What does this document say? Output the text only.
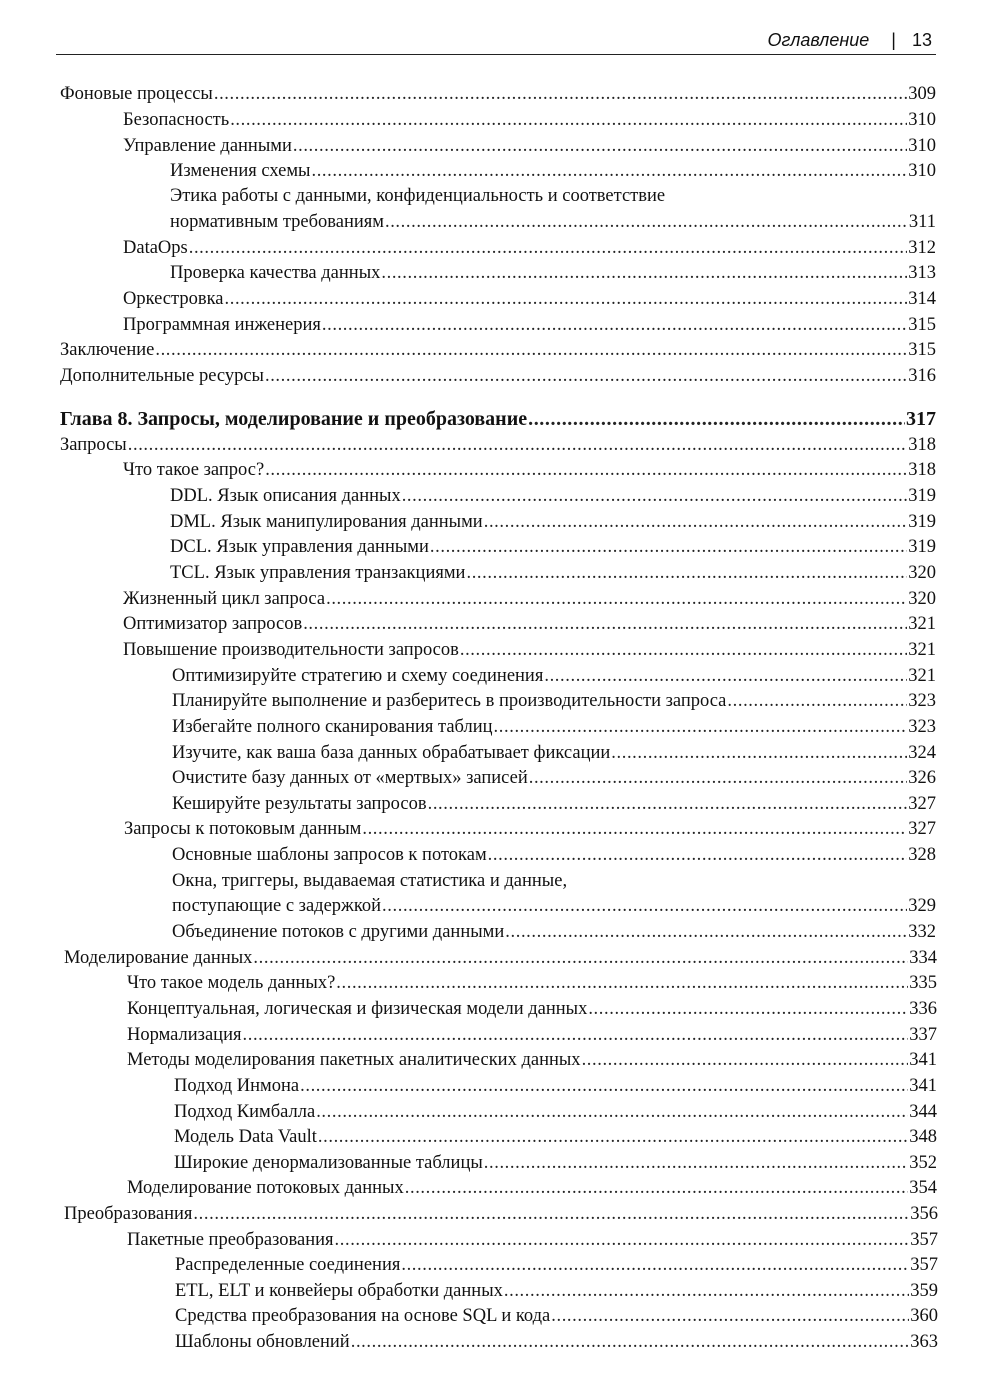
Оглавление | 13
Фоновые процессы .....	309
Безопасность .....	310
Управление данными .....	310
Изменения схемы .....	310
Этика работы с данными, конфиденциальность и соответствие
нормативным требованиям .....	311
DataOps .....	312
Проверка качества данных .....	313
Оркестровка .....	314
Программная инженерия .....	315
Заключение .....	315
Дополнительные ресурсы .....	316
Глава 8. Запросы, моделирование и преобразование .....	317
Запросы .....	318
Что такое запрос? .....	318
DDL. Язык описания данных .....	319
DML. Язык манипулирования данными .....	319
DCL. Язык управления данными .....	319
TCL. Язык управления транзакциями .....	320
Жизненный цикл запроса .....	320
Оптимизатор запросов .....	321
Повышение производительности запросов .....	321
Оптимизируйте стратегию и схему соединения .....	321
Планируйте выполнение и разберитесь в производительности запроса .....	323
Избегайте полного сканирования таблиц .....	323
Изучите, как ваша база данных обрабатывает фиксации .....	324
Очистите базу данных от «мертвых» записей .....	326
Кешируйте результаты запросов .....	327
Запросы к потоковым данным .....	327
Основные шаблоны запросов к потокам .....	328
Окна, триггеры, выдаваемая статистика и данные,
поступающие с задержкой .....	329
Объединение потоков с другими данными .....	332
Моделирование данных .....	334
Что такое модель данных? .....	335
Концептуальная, логическая и физическая модели данных .....	336
Нормализация .....	337
Методы моделирования пакетных аналитических данных .....	341
Подход Инмона .....	341
Подход Кимбалла .....	344
Модель Data Vault .....	348
Широкие денормализованные таблицы .....	352
Моделирование потоковых данных .....	354
Преобразования .....	356
Пакетные преобразования .....	357
Распределенные соединения .....	357
ETL, ELT и конвейеры обработки данных .....	359
Средства преобразования на основе SQL и кода .....	360
Шаблоны обновлений .....	363
